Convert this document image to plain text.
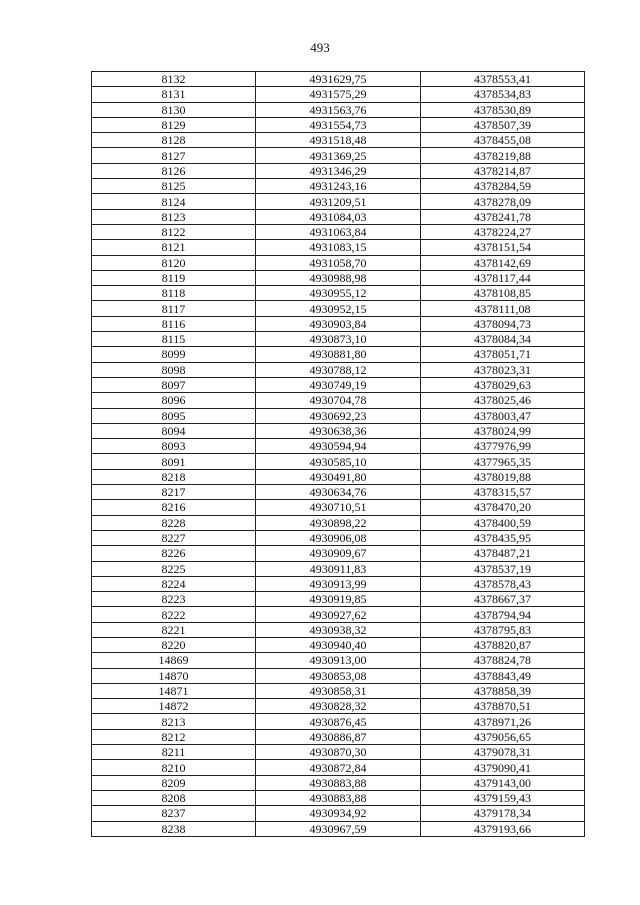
493
8132	4931629,75	4378553,41
8131	4931575,29	4378534,83
8130	4931563,76	4378530,89
8129	4931554,73	4378507,39
8128	4931518,48	4378455,08
8127	4931369,25	4378219,88
8126	4931346,29	4378214,87
8125	4931243,16	4378284,59
8124	4931209,51	4378278,09
8123	4931084,03	4378241,78
8122	4931063,84	4378224,27
8121	4931083,15	4378151,54
8120	4931058,70	4378142,69
8119	4930988,98	4378117,44
8118	4930955,12	4378108,85
8117	4930952,15	4378111,08
8116	4930903,84	4378094,73
8115	4930873,10	4378084,34
8099	4930881,80	4378051,71
8098	4930788,12	4378023,31
8097	4930749,19	4378029,63
8096	4930704,78	4378025,46
8095	4930692,23	4378003,47
8094	4930638,36	4378024,99
8093	4930594,94	4377976,99
8091	4930585,10	4377965,35
8218	4930491,80	4378019,88
8217	4930634,76	4378315,57
8216	4930710,51	4378470,20
8228	4930898,22	4378400,59
8227	4930906,08	4378435,95
8226	4930909,67	4378487,21
8225	4930911,83	4378537,19
8224	4930913,99	4378578,43
8223	4930919,85	4378667,37
8222	4930927,62	4378794,94
8221	4930938,32	4378795,83
8220	4930940,40	4378820,87
14869	4930913,00	4378824,78
14870	4930853,08	4378843,49
14871	4930858,31	4378858,39
14872	4930828,32	4378870,51
8213	4930876,45	4378971,26
8212	4930886,87	4379056,65
8211	4930870,30	4379078,31
8210	4930872,84	4379090,41
8209	4930883,88	4379143,00
8208	4930883,88	4379159,43
8237	4930934,92	4379178,34
8238	4930967,59	4379193,66
